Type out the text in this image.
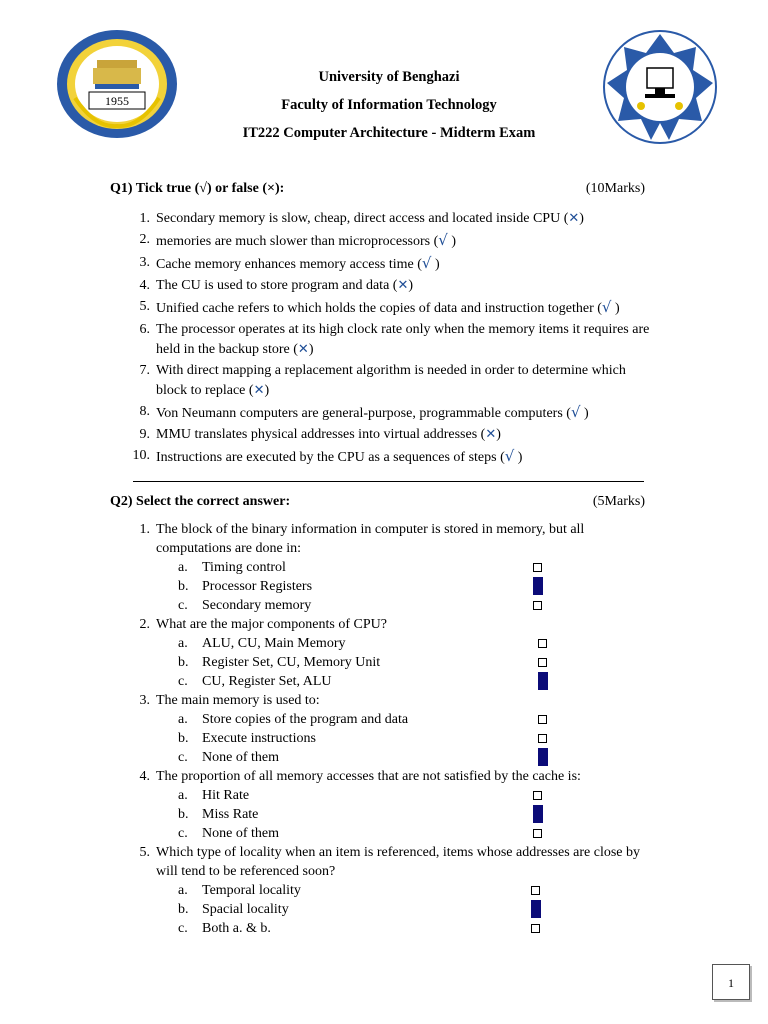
1955
University of Benghazi
Faculty of Information Technology
IT222 Computer Architecture - Midterm Exam
Q1) Tick true (√) or false (×):	(10Marks)
1. Secondary memory is slow, cheap, direct access and located inside CPU (✕)
2. memories are much slower than microprocessors (√ )
3. Cache memory enhances memory access time (√ )
4. The CU is used to store program and data (✕)
5. Unified cache refers to which holds the copies of data and instruction together (√ )
6. The processor operates at its high clock rate only when the memory items it requires are held in the backup store (✕)
7. With direct mapping a replacement algorithm is needed in order to determine which block to replace (✕)
8. Von Neumann computers are general-purpose, programmable computers (√ )
9. MMU translates physical addresses into virtual addresses (✕)
10. Instructions are executed by the CPU as a sequences of steps (√ )
Q2) Select the correct answer:	(5Marks)
1. The block of the binary information in computer is stored in memory, but all computations are done in:
a.	Timing control
b. Processor Registers
c.	Secondary memory
2. What are the major components of CPU?
a.	ALU, CU, Main Memory
b. Register Set, CU, Memory Unit
c.	CU, Register Set, ALU
3. The main memory is used to:
a.	Store copies of the program and data
b. Execute instructions
c.	None of them
4. The proportion of all memory accesses that are not satisfied by the cache is:
a.	Hit Rate
b. Miss Rate
c.	None of them
5. Which type of locality when an item is referenced, items whose addresses are close by will tend to be referenced soon?
a.	Temporal locality
b. Spacial locality
c.	Both a. & b.
1
